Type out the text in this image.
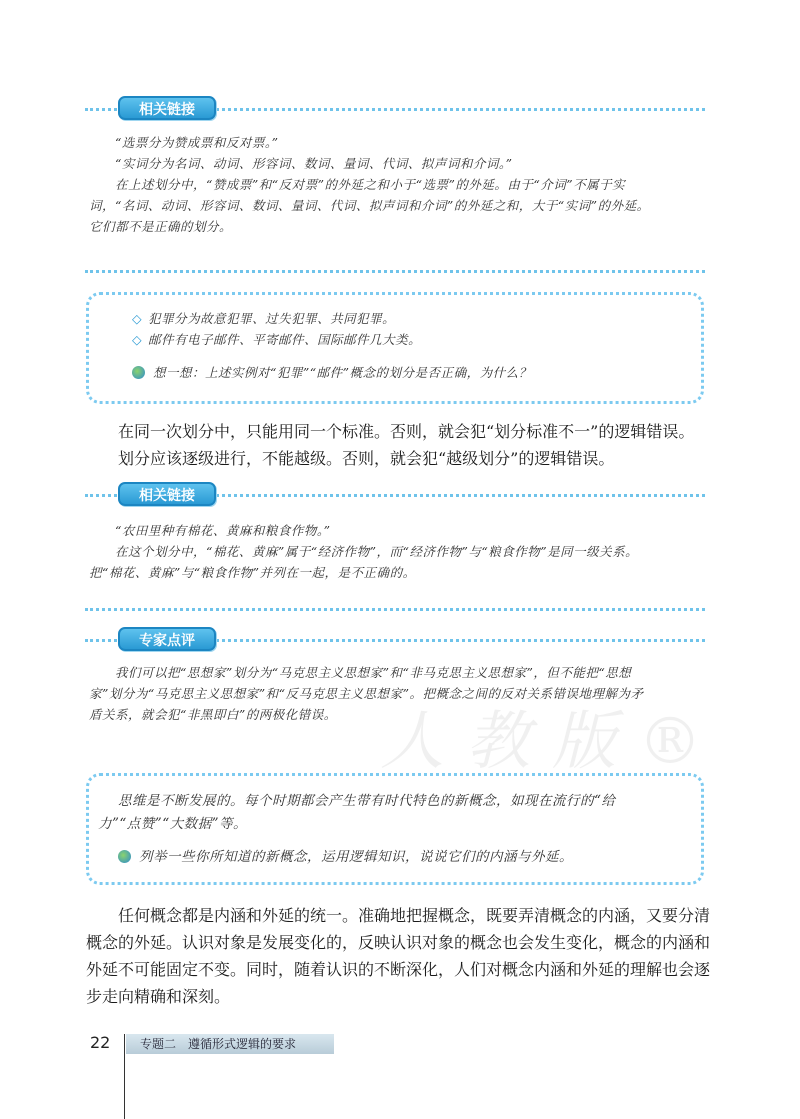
人教版®
相关链接
“选票分为赞成票和反对票。”
“实词分为名词、动词、形容词、数词、量词、代词、拟声词和介词。”
在上述划分中，“赞成票”和“反对票”的外延之和小于“选票”的外延。由于“介词”不属于实
词，“名词、动词、形容词、数词、量词、代词、拟声词和介词”的外延之和，大于“实词”的外延。
它们都不是正确的划分。
◇ 犯罪分为故意犯罪、过失犯罪、共同犯罪。
◇ 邮件有电子邮件、平寄邮件、国际邮件几大类。
想一想：上述实例对“犯罪”“邮件”概念的划分是否正确，为什么？
在同一次划分中，只能用同一个标准。否则，就会犯“划分标准不一”的逻辑错误。
划分应该逐级进行，不能越级。否则，就会犯“越级划分”的逻辑错误。
相关链接
“农田里种有棉花、黄麻和粮食作物。”
在这个划分中，“棉花、黄麻”属于“经济作物”，而“经济作物”与“粮食作物”是同一级关系。
把“棉花、黄麻”与“粮食作物”并列在一起，是不正确的。
专家点评
我们可以把“思想家”划分为“马克思主义思想家”和“非马克思主义思想家”，但不能把“思想
家”划分为“马克思主义思想家”和“反马克思主义思想家”。把概念之间的反对关系错误地理解为矛
盾关系，就会犯“非黑即白”的两极化错误。
思维是不断发展的。每个时期都会产生带有时代特色的新概念，如现在流行的“给
力”“点赞”“大数据”等。
列举一些你所知道的新概念，运用逻辑知识，说说它们的内涵与外延。
任何概念都是内涵和外延的统一。准确地把握概念，既要弄清概念的内涵，又要分清
概念的外延。认识对象是发展变化的，反映认识对象的概念也会发生变化，概念的内涵和
外延不可能固定不变。同时，随着认识的不断深化，人们对概念内涵和外延的理解也会逐
步走向精确和深刻。
22	专题二　遵循形式逻辑的要求
